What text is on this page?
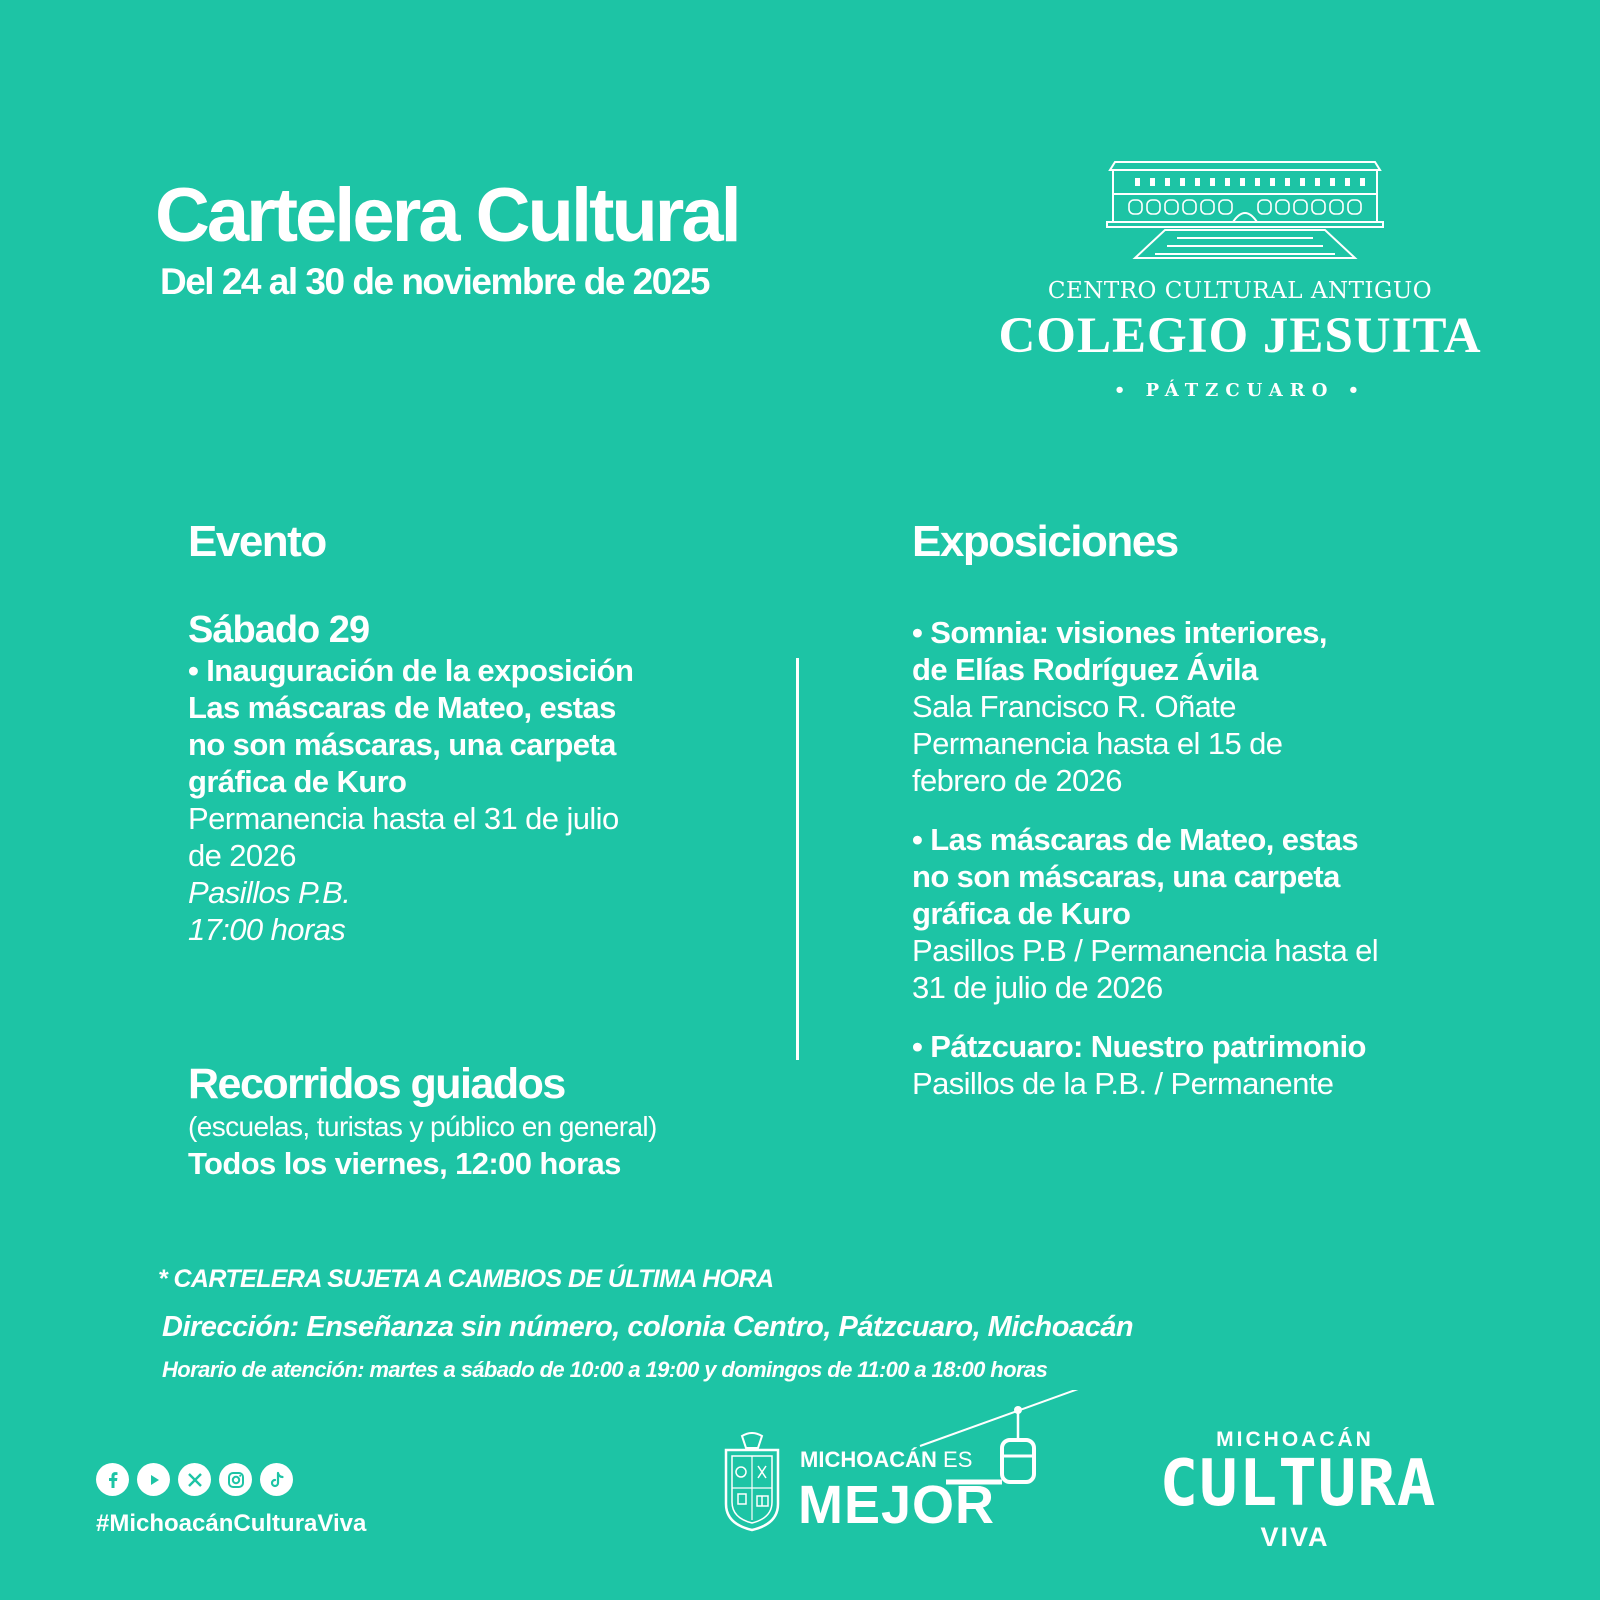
Cartelera Cultural
Del 24 al 30 de noviembre de 2025	CENTRO CULTURAL ANTIGUO
COLEGIO JESUITA
• PÁTZCUARO •
Evento
Sábado 29
• Inauguración de la exposición
Las máscaras de Mateo, estas
no son máscaras, una carpeta
gráfica de Kuro
Permanencia hasta el 31 de julio
de 2026
Pasillos P.B.
17:00 horas
Recorridos guiados
(escuelas, turistas y público en general)
Todos los viernes, 12:00 horas
Exposiciones
• Somnia: visiones interiores,
de Elías Rodríguez Ávila
Sala Francisco R. Oñate
Permanencia hasta el 15 de
febrero de 2026
• Las máscaras de Mateo, estas
no son máscaras, una carpeta
gráfica de Kuro
Pasillos P.B / Permanencia hasta el
31 de julio de 2026
• Pátzcuaro: Nuestro patrimonio
Pasillos de la P.B. / Permanente
* CARTELERA SUJETA A CAMBIOS DE ÚLTIMA HORA
Dirección: Enseñanza sin número, colonia Centro, Pátzcuaro, Michoacán
Horario de atención: martes a sábado de 10:00 a 19:00 y domingos de 11:00 a 18:00 horas
#MichoacánCulturaViva
MICHOACÁN ES
MEJOR
MICHOACÁN
CULTURA
VIVA
